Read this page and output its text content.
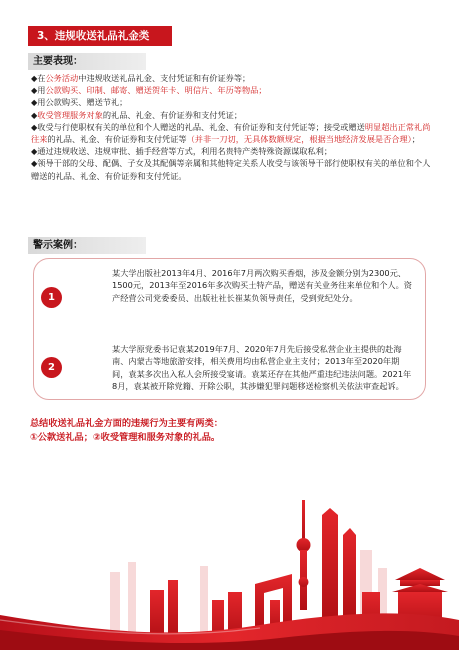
3、违规收送礼品礼金类
主要表现：

◆在公务活动中违规收送礼品礼金、支付凭证和有价证券等；

◆用公款购买、印制、邮寄、赠送贺年卡、明信片、年历等物品；

◆用公款购买、赠送节礼；

◆收受管理服务对象的礼品、礼金、有价证券和支付凭证；

◆收受与行使职权有关的单位和个人赠送的礼品、礼金、有价证券和支付凭证等；接受或赠送明显超出正常礼尚往来的礼品、礼金、有价证券和支付凭证等（并非一刀切，无具体数额规定，根据当地经济发展是否合理）；

◆通过违规收送、违规审批、插手经营等方式，利用名贵特产类特殊资源谋取私利；

◆领导干部的父母、配偶、子女及其配偶等亲属和其他特定关系人收受与该领导干部行使职权有关的单位和个人赠送的礼品、礼金、有价证券和支付凭证。

警示案例：
1

某大学出版社2013年4月、2016年7月两次购买香烟，涉及金额分别为2300元、1500元，2013年至2016年多次购买土特产品，赠送有关业务往来单位和个人。资产经营公司党委委员、出版社社长崔某负领导责任，受到党纪处分。

2

某大学原党委书记袁某2019年7月、2020年7月先后接受私营企业主提供的赴海南、内蒙古等地旅游安排，相关费用均由私营企业主支付；2013年至2020年期间，袁某多次出入私人会所接受宴请。袁某还存在其他严重违纪违法问题。2021年8月，袁某被开除党籍、开除公职，其涉嫌犯罪问题移送检察机关依法审查起诉。

总结收送礼品礼金方面的违规行为主要有两类：

①公款送礼品；②收受管理和服务对象的礼品。
